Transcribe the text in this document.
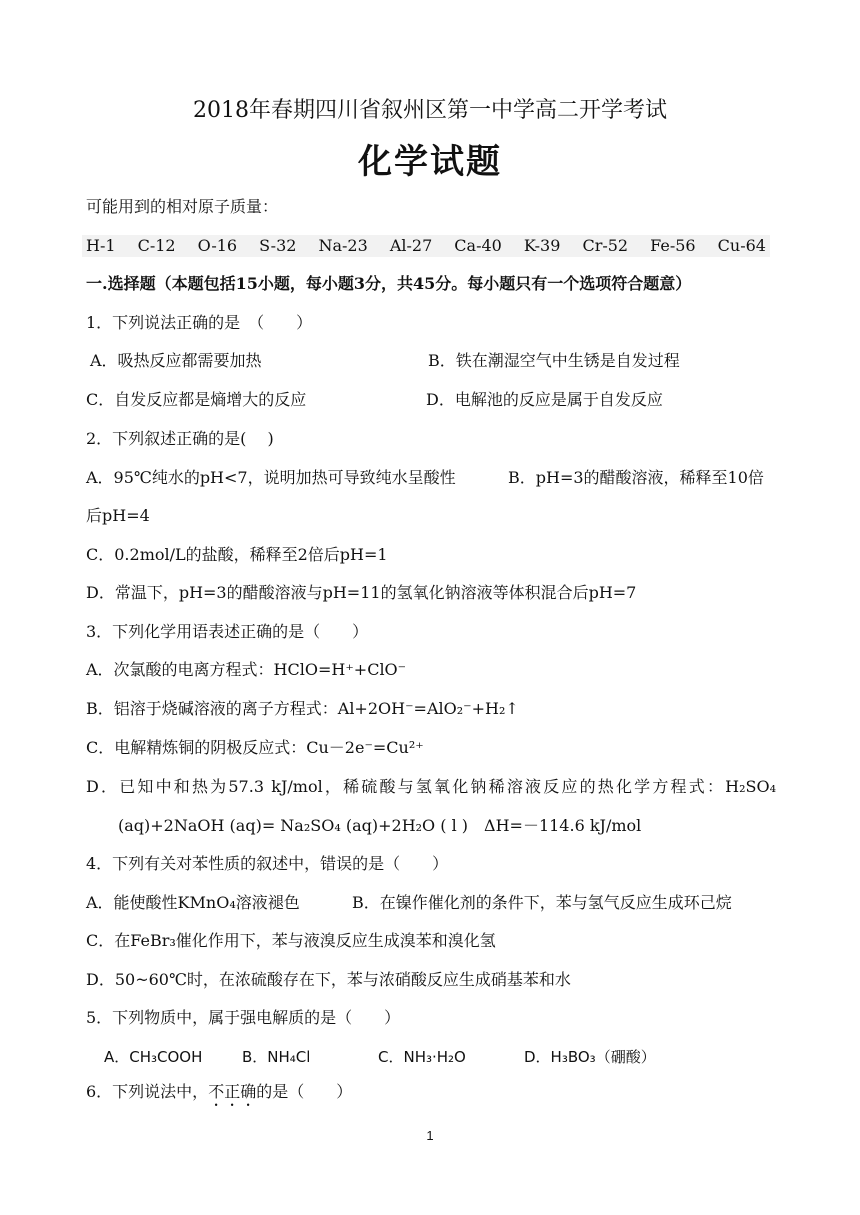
2018年春期四川省叙州区第一中学高二开学考试
化学试题
可能用到的相对原子质量：
H-1 C-12 O-16 S-32 Na-23 Al-27 Ca-40 K-39 Cr-52 Fe-56 Cu-64
一.选择题（本题包括15小题，每小题3分，共45分。每小题只有一个选项符合题意）
1．下列说法正确的是　（　　）
A．吸热反应都需要加热	B．铁在潮湿空气中生锈是自发过程
C．自发反应都是熵增大的反应	D．电解池的反应是属于自发反应
2．下列叙述正确的是(　 )
A．95℃纯水的pH<7，说明加热可导致纯水呈酸性	B．pH=3的醋酸溶液，稀释至10倍
后pH=4
C．0.2mol/L的盐酸，稀释至2倍后pH=1
D．常温下，pH=3的醋酸溶液与pH=11的氢氧化钠溶液等体积混合后pH=7
3．下列化学用语表述正确的是（　　）
A．次氯酸的电离方程式：HClO=H⁺+ClO⁻
B．铝溶于烧碱溶液的离子方程式：Al+2OH⁻=AlO₂⁻+H₂↑
C．电解精炼铜的阴极反应式：Cu－2e⁻=Cu²⁺
D．已知中和热为57.3 kJ/mol，稀硫酸与氢氧化钠稀溶液反应的热化学方程式：H₂SO₄
(aq)+2NaOH (aq)= Na₂SO₄ (aq)+2H₂O ( l )　ΔH=－114.6 kJ/mol
4．下列有关对苯性质的叙述中，错误的是（　　）
A．能使酸性KMnO₄溶液褪色	B．在镍作催化剂的条件下，苯与氢气反应生成环己烷
C．在FeBr₃催化作用下，苯与液溴反应生成溴苯和溴化氢
D．50~60℃时，在浓硫酸存在下，苯与浓硝酸反应生成硝基苯和水
5．下列物质中，属于强电解质的是（　　）
A．CH₃COOH	B．NH₄Cl	C．NH₃·H₂O	D．H₃BO₃（硼酸）
6．下列说法中，不正确的是（　　）
1
